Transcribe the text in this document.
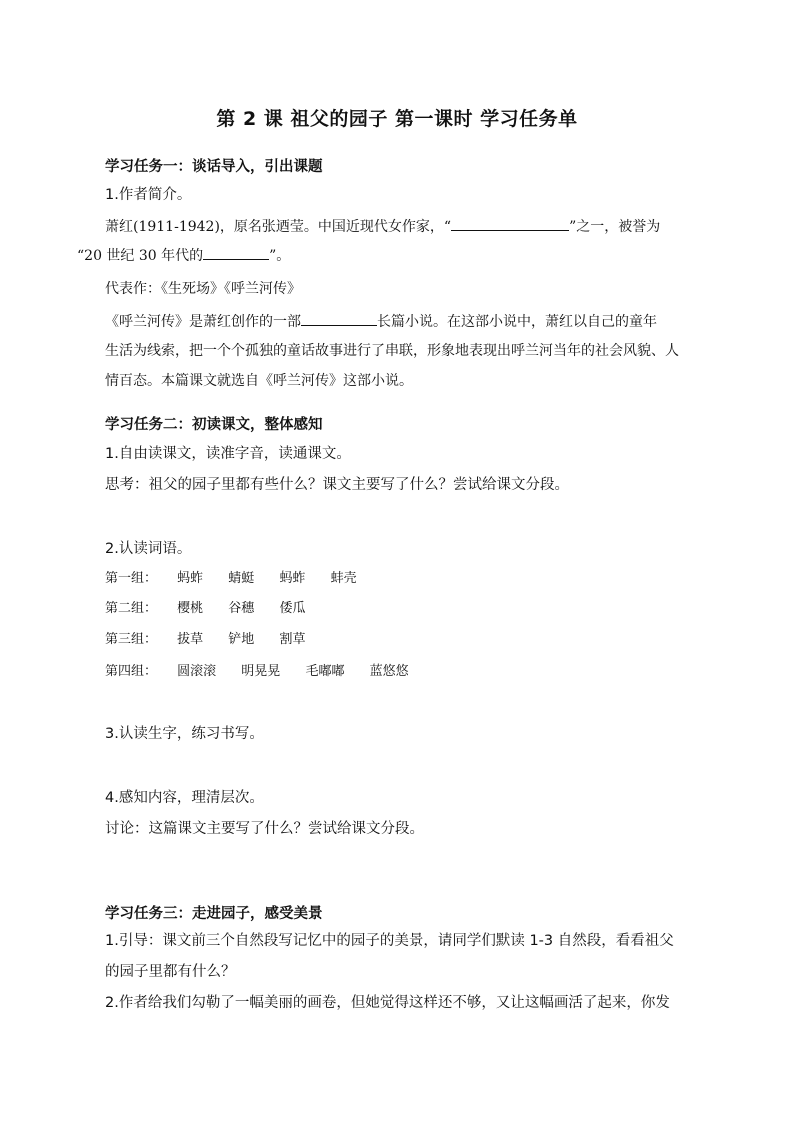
第 2 课 祖父的园子 第一课时 学习任务单
学习任务一：谈话导入，引出课题
1.作者简介。
萧红(1911-1942)，原名张迺莹。中国近现代女作家，“	”之一，被誉为
“20 世纪 30 年代的	”。
代表作：《生死场》《呼兰河传》
《呼兰河传》是萧红创作的一部	长篇小说。在这部小说中，萧红以自己的童年
生活为线索，把一个个孤独的童话故事进行了串联，形象地表现出呼兰河当年的社会风貌、人
情百态。本篇课文就选自《呼兰河传》这部小说。
学习任务二：初读课文，整体感知
1.自由读课文，读准字音，读通课文。
思考：祖父的园子里都有些什么？课文主要写了什么？尝试给课文分段。
2.认读词语。
第一组： 蚂蚱 蜻蜓 蚂蚱 蚌壳
第二组： 樱桃 谷穗 倭瓜
第三组： 拔草 铲地 割草
第四组： 圆滚滚 明晃晃 毛嘟嘟 蓝悠悠
3.认读生字，练习书写。
4.感知内容，理清层次。
讨论：这篇课文主要写了什么？尝试给课文分段。
学习任务三：走进园子，感受美景
1.引导：课文前三个自然段写记忆中的园子的美景，请同学们默读 1-3 自然段，看看祖父
的园子里都有什么？
2.作者给我们勾勒了一幅美丽的画卷，但她觉得这样还不够，又让这幅画活了起来，你发
